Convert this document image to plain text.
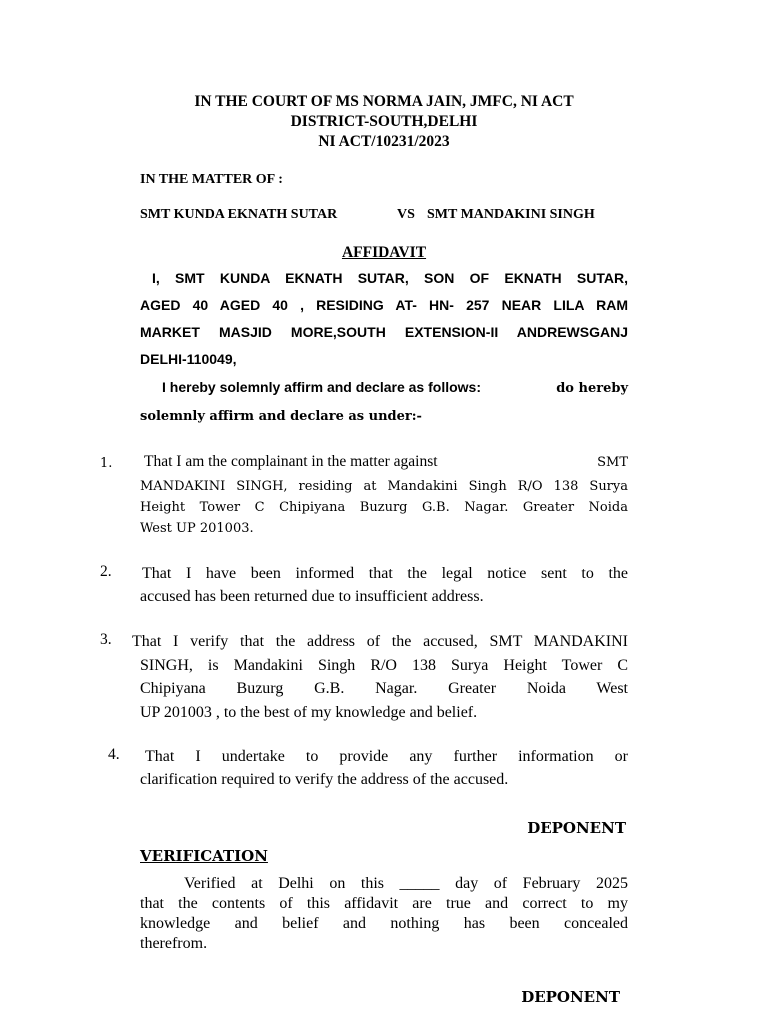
IN THE COURT OF MS NORMA JAIN, JMFC, NI ACT
DISTRICT-SOUTH,DELHI
NI ACT/10231/2023
IN THE MATTER OF :
SMT KUNDA EKNATH SUTAR	VS SMT MANDAKINI SINGH
AFFIDAVIT
I, SMT KUNDA EKNATH SUTAR, SON OF EKNATH SUTAR,
AGED 40 AGED 40 , RESIDING AT- HN- 257 NEAR LILA RAM
MARKET MASJID MORE,SOUTH EXTENSION-II ANDREWSGANJ
DELHI-110049,
I hereby solemnly affirm and declare as follows:	do hereby
solemnly affirm and declare as under:-
1. That I am the complainant in the matter against	SMT
MANDAKINI SINGH, residing at Mandakini Singh R/O 138 Surya
Height Tower C Chipiyana Buzurg G.B. Nagar. Greater Noida
West UP 201003.
2. That I have been informed that the legal notice sent to the
accused has been returned due to insufficient address.
3. That I verify that the address of the accused, SMT MANDAKINI
SINGH, is Mandakini Singh R/O 138 Surya Height Tower C
Chipiyana Buzurg G.B. Nagar. Greater Noida West
UP 201003 , to the best of my knowledge and belief.
4.	That I undertake to provide any further information or
clarification required to verify the address of the accused.
DEPONENT
VERIFICATION
Verified at Delhi on this _____ day of February 2025
that the contents of this affidavit are true and correct to my
knowledge and belief and nothing has been concealed
therefrom.
DEPONENT
